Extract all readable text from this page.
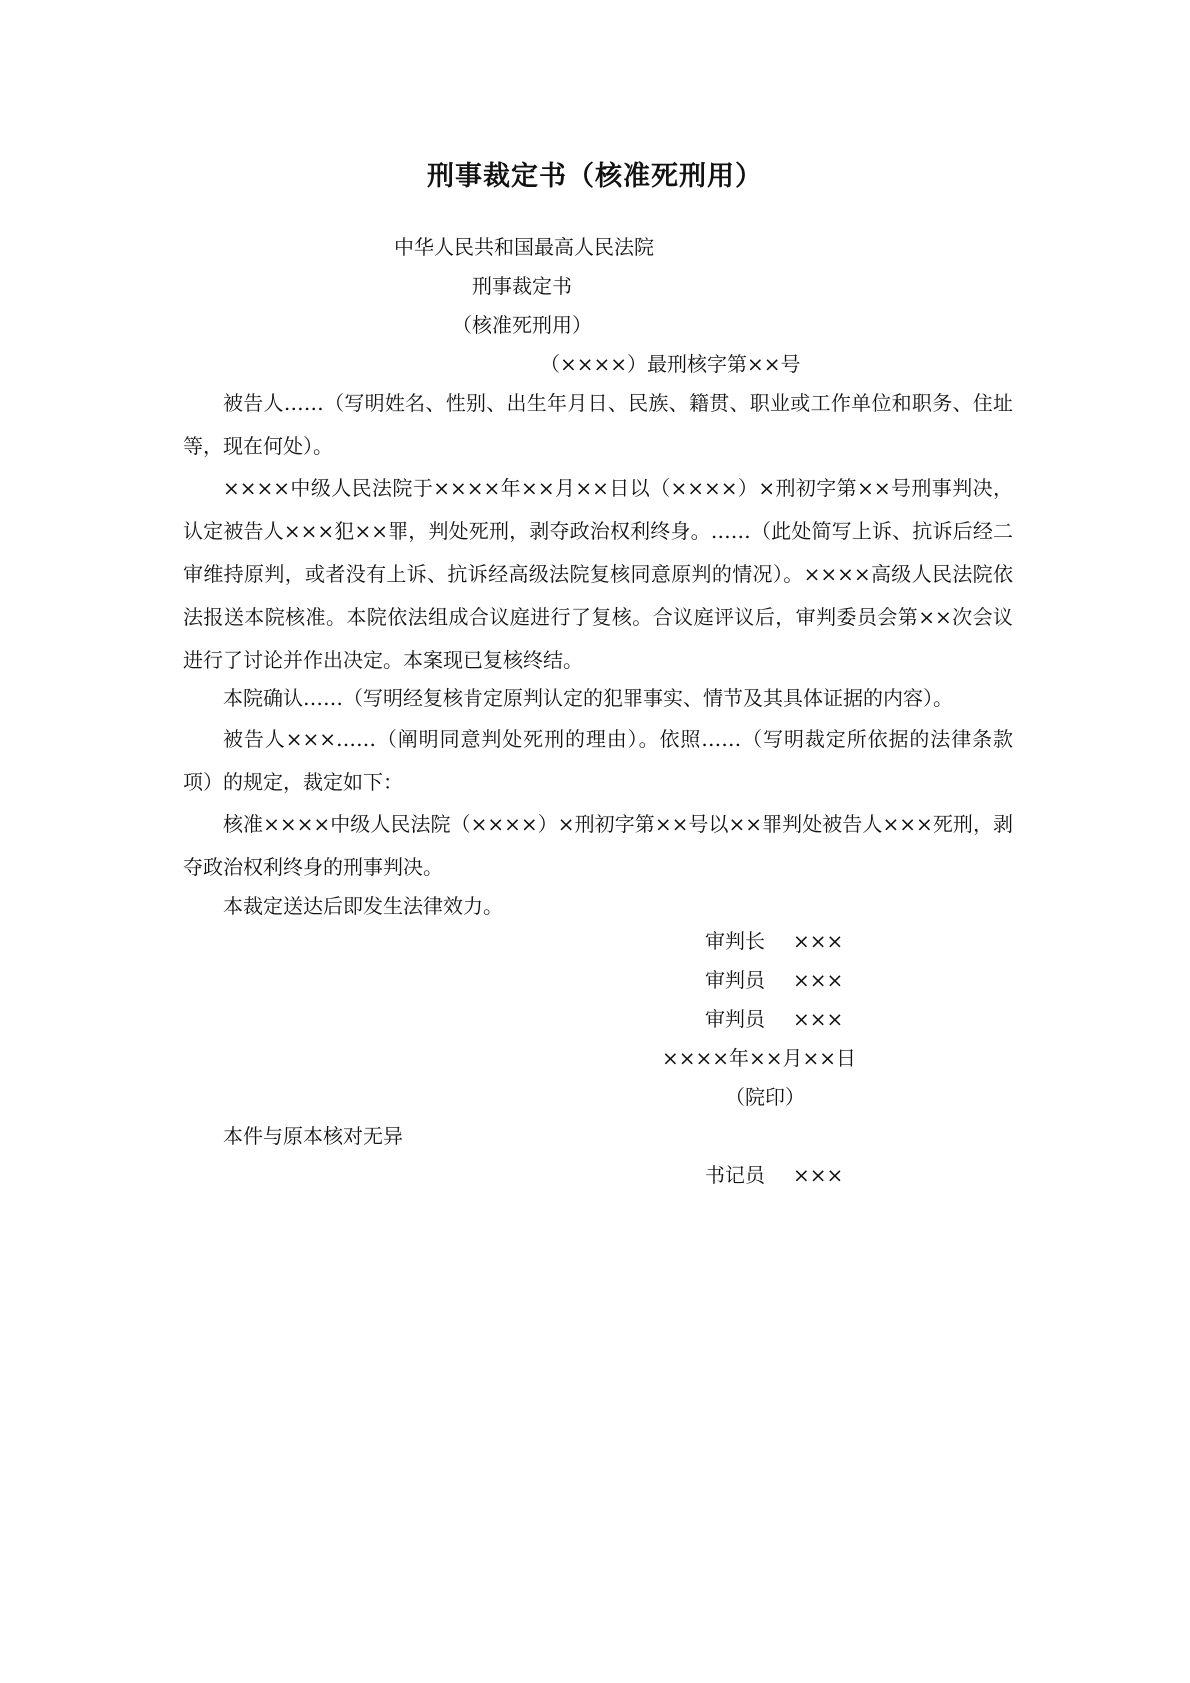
刑事裁定书（核准死刑用）

中华人民共和国最高人民法院

刑事裁定书

（核准死刑用）

（××××）最刑核字第××号

被告人……（写明姓名、性别、出生年月日、民族、籍贯、职业或工作单位和职务、住址等，现在何处）。

××××中级人民法院于××××年××月××日以（××××）×刑初字第××号刑事判决，认定被告人×××犯××罪，判处死刑，剥夺政治权利终身。……（此处简写上诉、抗诉后经二审维持原判，或者没有上诉、抗诉经高级法院复核同意原判的情况）。××××高级人民法院依法报送本院核准。本院依法组成合议庭进行了复核。合议庭评议后，审判委员会第××次会议进行了讨论并作出决定。本案现已复核终结。

本院确认……（写明经复核肯定原判认定的犯罪事实、情节及其具体证据的内容）。

被告人×××……（阐明同意判处死刑的理由）。依照……（写明裁定所依据的法律条款项）的规定，裁定如下：

核准××××中级人民法院（××××）×刑初字第××号以××罪判处被告人×××死刑，剥夺政治权利终身的刑事判决。

本裁定送达后即发生法律效力。

审判长 ×××

审判员 ×××

审判员 ×××

××××年××月××日

（院印）

本件与原本核对无异

书记员 ×××
